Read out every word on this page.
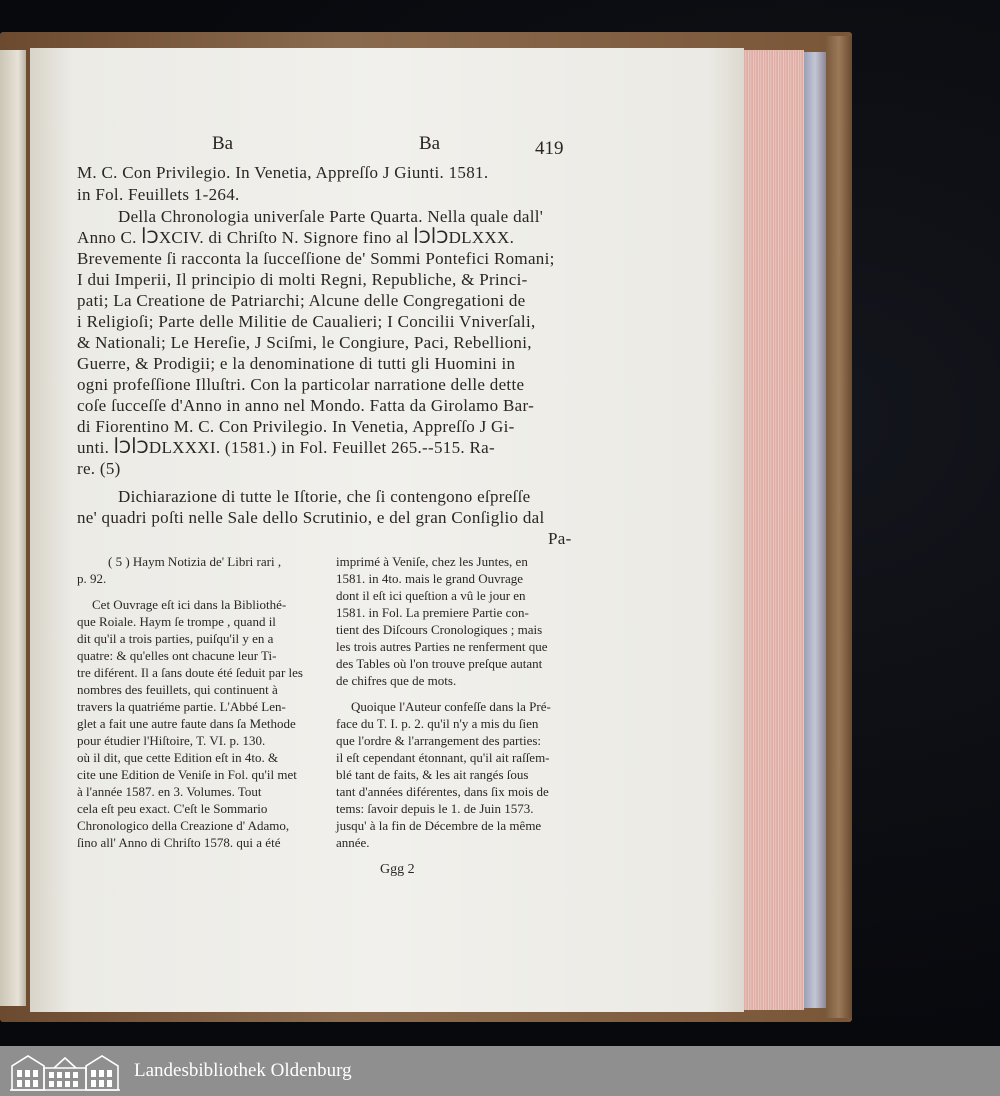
Ba	Ba	419
M. C. Con Privilegio. In Venetia, Appreſſo J Giunti. 1581.
in Fol. Feuillets 1-264.
Della Chronologia univerſale Parte Quarta. Nella quale dall'
Anno C. ꟾↃXCIV. di Chriſto N. Signore fino al ꟾↃꟾↃDLXXX.
Brevemente ſi racconta la ſucceſſione de' Sommi Pontefici Romani;
I dui Imperii, Il principio di molti Regni, Republiche, & Princi-
pati; La Creatione de Patriarchi; Alcune delle Congregationi de
i Religioſi; Parte delle Militie de Caualieri; I Concilii Vniverſali,
& Nationali; Le Hereſie, J Sciſmi, le Congiure, Paci, Rebellioni,
Guerre, & Prodigii; e la denominatione di tutti gli Huomini in
ogni profeſſione Illuſtri. Con la particolar narratione delle dette
coſe ſucceſſe d'Anno in anno nel Mondo. Fatta da Girolamo Bar-
di Fiorentino M. C. Con Privilegio. In Venetia, Appreſſo J Gi-
unti. ꟾↃꟾↃDLXXXI. (1581.) in Fol. Feuillet 265.--515. Ra-
re. (5)
Dichiarazione di tutte le Iſtorie, che ſi contengono eſpreſſe
ne' quadri poſti nelle Sale dello Scrutinio, e del gran Conſiglio dal
Pa-
( 5 ) Haym Notizia de' Libri rari ,
p. 92.
Cet Ouvrage eſt ici dans la Bibliothé-
que Roiale. Haym ſe trompe , quand il
dit qu'il a trois parties, puiſqu'il y en a
quatre: & qu'elles ont chacune leur Ti-
tre diférent. Il a ſans doute été ſeduit par les
nombres des feuillets, qui continuent à
travers la quatriéme partie. L'Abbé Len-
glet a fait une autre faute dans ſa Methode
pour étudier l'Hiſtoire, T. VI. p. 130.
où il dit, que cette Edition eſt in 4to. &
cite une Edition de Veniſe in Fol. qu'il met
à l'année 1587. en 3. Volumes. Tout
cela eſt peu exact. C'eſt le Sommario
Chronologico della Creazione d' Adamo,
ſino all' Anno di Chriſto 1578. qui a été
imprimé à Veniſe, chez les Juntes, en
1581. in 4to. mais le grand Ouvrage
dont il eſt ici queſtion a vû le jour en
1581. in Fol. La premiere Partie con-
tient des Diſcours Cronologiques ; mais
les trois autres Parties ne renferment que
des Tables où l'on trouve preſque autant
de chifres que de mots.
Quoique l'Auteur confeſſe dans la Pré-
face du T. I. p. 2. qu'il n'y a mis du ſien
que l'ordre & l'arrangement des parties:
il eſt cependant étonnant, qu'il ait raſſem-
blé tant de faits, & les ait rangés ſous
tant d'années diférentes, dans ſix mois de
tems: ſavoir depuis le 1. de Juin 1573.
jusqu' à la fin de Décembre de la même
année.
Ggg 2
Landesbibliothek Oldenburg
